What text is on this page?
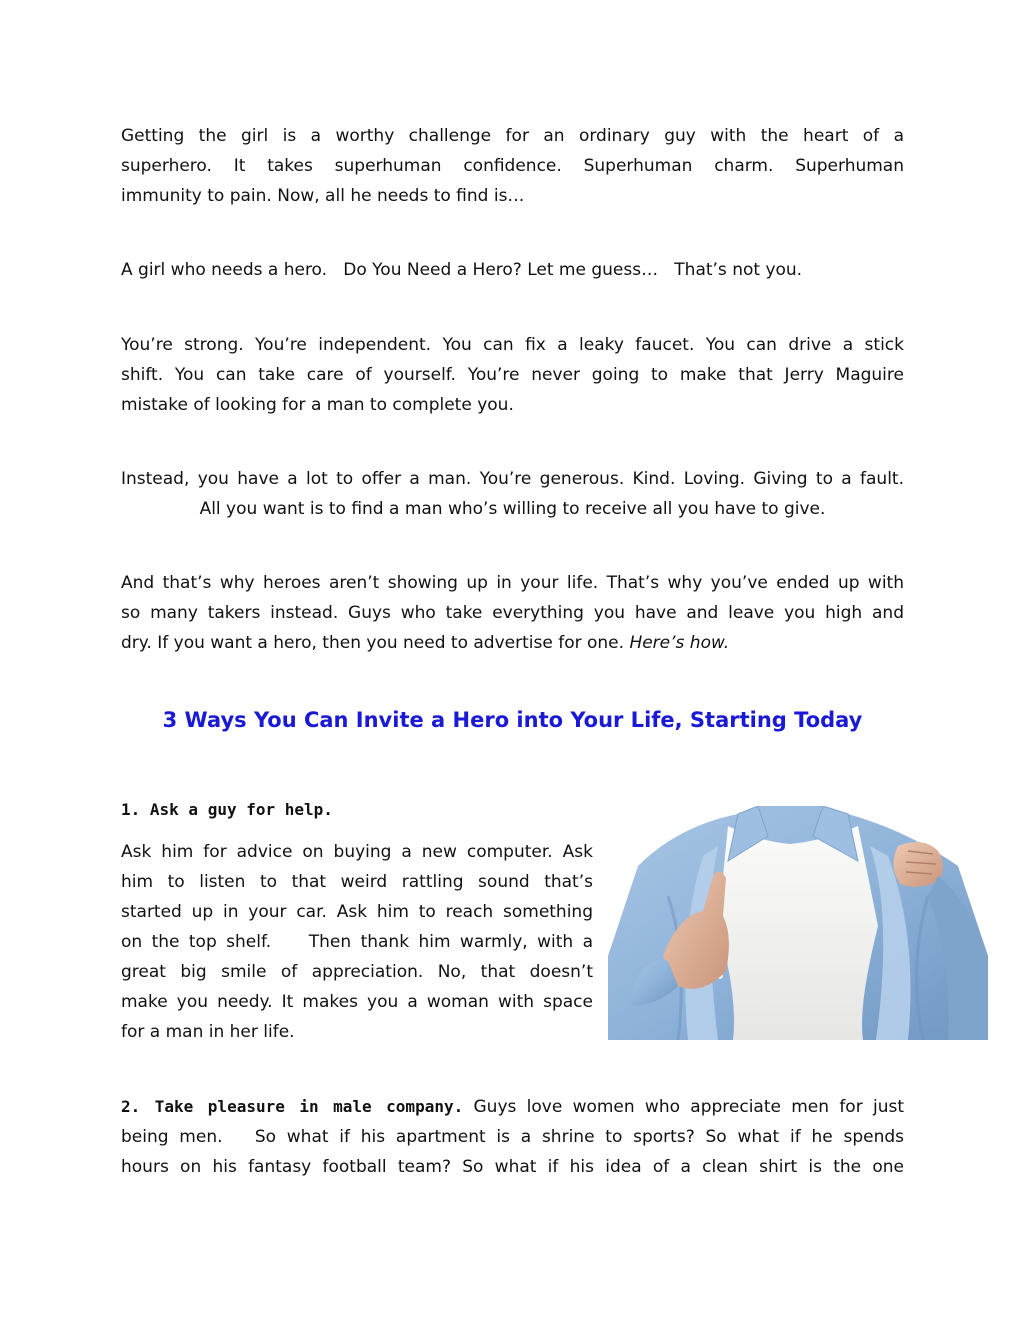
Getting the girl is a worthy challenge for an ordinary guy with the heart of a
superhero. It takes superhuman confidence. Superhuman charm. Superhuman
immunity to pain. Now, all he needs to find is…
A girl who needs a hero.   Do You Need a Hero? Let me guess…   That’s not you.
You’re strong. You’re independent. You can fix a leaky faucet. You can drive a stick
shift. You can take care of yourself. You’re never going to make that Jerry Maguire
mistake of looking for a man to complete you.
Instead, you have a lot to offer a man. You’re generous. Kind. Loving. Giving to a fault.
All you want is to find a man who’s willing to receive all you have to give.
And that’s why heroes aren’t showing up in your life. That’s why you’ve ended up with
so many takers instead. Guys who take everything you have and leave you high and
dry. If you want a hero, then you need to advertise for one. Here’s how.
3 Ways You Can Invite a Hero into Your Life, Starting Today
1. Ask a guy for help.
Ask him for advice on buying a new computer. Ask
him to listen to that weird rattling sound that’s
started up in your car. Ask him to reach something
on the top shelf.    Then thank him warmly, with a
great big smile of appreciation. No, that doesn’t
make you needy. It makes you a woman with space
for a man in her life.
2. Take pleasure in male company. Guys love women who appreciate men for just
being men.   So what if his apartment is a shrine to sports? So what if he spends
hours on his fantasy football team? So what if his idea of a clean shirt is the one
